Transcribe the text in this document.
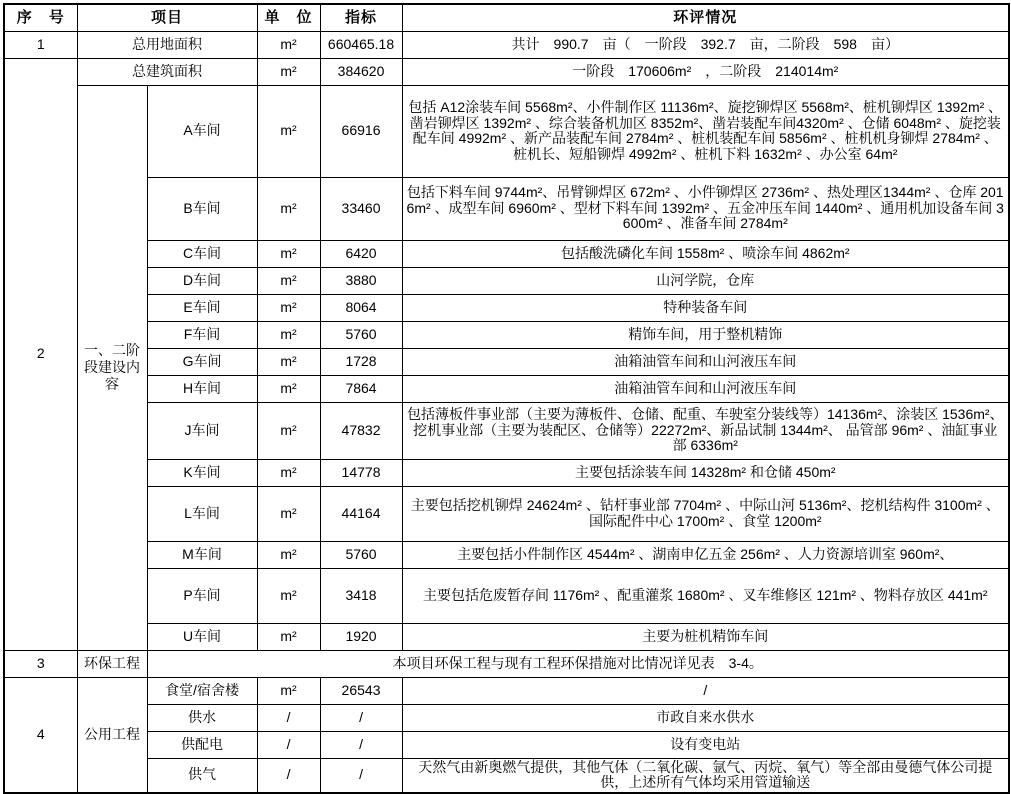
序　号	项目		单　位	指标	环评情况
1	总用地面积		m²	660465.18	共计　990.7　亩（　一阶段　392.7　亩，二阶段　598　亩）
2	总建筑面积		m²	384620	一阶段　170606m²　，二阶段　214014m²
	一、二阶段建设内容	A车间	m²	66916	包括 A12涂装车间 5568m²、小件制作区 11136m²、旋挖铆焊区 5568m²、桩机铆焊区 1392m² 、凿岩铆焊区 1392m² 、综合装备机加区 8352m²、凿岩装配车间4320m² 、仓储 6048m² 、旋挖装配车间 4992m² 、新产品装配车间 2784m² 、桩机装配车间 5856m² 、桩机机身铆焊 2784m² 、桩机长、短船铆焊 4992m² 、桩机下料 1632m² 、办公室 64m²
		B车间	m²	33460	包括下料车间 9744m²、吊臂铆焊区 672m² 、小件铆焊区 2736m² 、热处理区1344m² 、仓库 2016m² 、成型车间 6960m² 、型材下料车间 1392m² 、五金冲压车间 1440m² 、通用机加设备车间 3600m² 、准备车间 2784m²
		C车间	m²	6420	包括酸洗磷化车间 1558m² 、喷涂车间 4862m²
		D车间	m²	3880	山河学院，仓库
		E车间	m²	8064	特种装备车间
		F车间	m²	5760	精饰车间，用于整机精饰
		G车间	m²	1728	油箱油管车间和山河液压车间
		H车间	m²	7864	油箱油管车间和山河液压车间
		J车间	m²	47832	包括薄板件事业部（主要为薄板件、仓储、配重、车驶室分装线等）14136m²、涂装区 1536m²、挖机事业部（主要为装配区、仓储等）22272m²、新品试制 1344m²、 品管部 96m² 、油缸事业部 6336m²
		K车间	m²	14778	主要包括涂装车间 14328m² 和仓储 450m²
		L车间	m²	44164	主要包括挖机铆焊 24624m² 、钻杆事业部 7704m² 、中际山河 5136m²、挖机结构件 3100m² 、国际配件中心 1700m² 、食堂 1200m²
		M车间	m²	5760	主要包括小件制作区 4544m² 、湖南申亿五金 256m² 、人力资源培训室 960m²、
		P车间	m²	3418	主要包括危废暂存间 1176m² 、配重灌浆 1680m² 、叉车维修区 121m² 、物料存放区 441m²
		U车间	m²	1920	主要为桩机精饰车间
3	环保工程	本项目环保工程与现有工程环保措施对比情况详见表　3-4。			
4	公用工程	食堂/宿舍楼	m²	26543	/
		供水	/	/	市政自来水供水
		供配电	/	/	设有变电站
		供气	/	/	天然气由新奥燃气提供，其他气体（二氧化碳、氩气、丙烷、氧气）等全部由曼德气体公司提供，上述所有气体均采用管道输送
